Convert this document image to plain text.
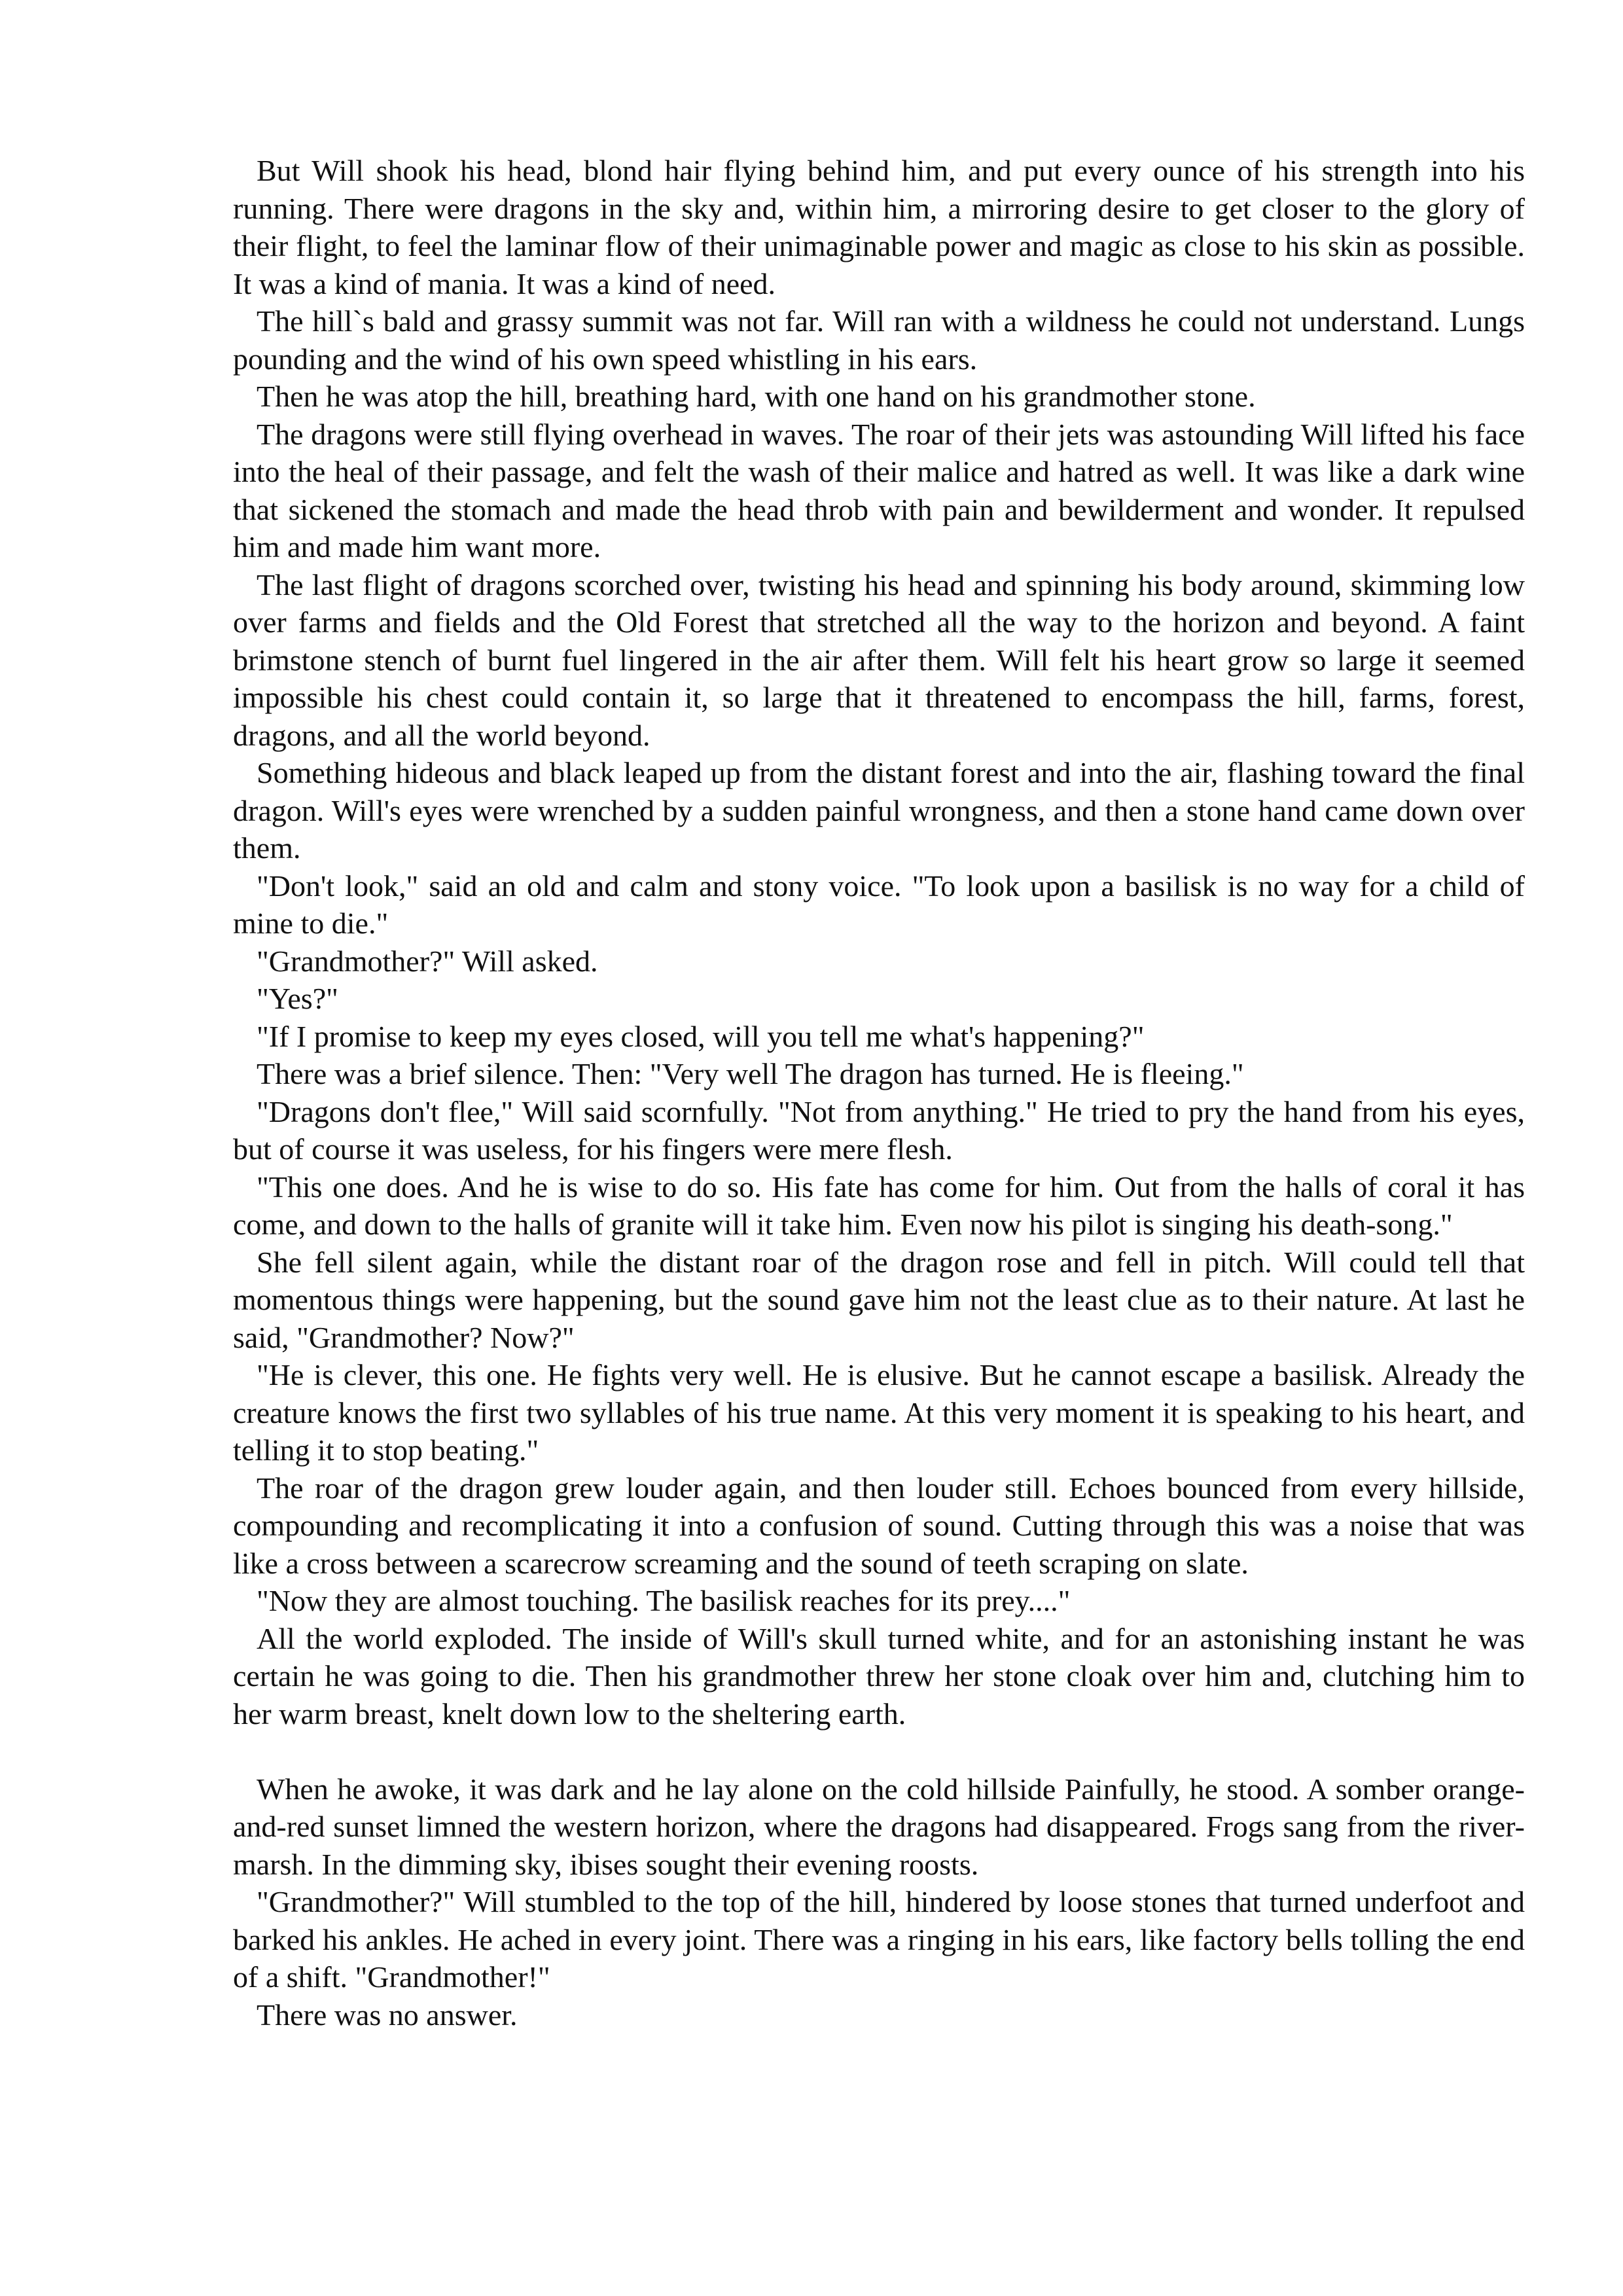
But Will shook his head, blond hair flying behind him, and put every ounce of his strength into his running. There were dragons in the sky and, within him, a mirroring desire to get closer to the glory of their flight, to feel the laminar flow of their unimaginable power and magic as close to his skin as possible. It was a kind of mania. It was a kind of need.

The hill`s bald and grassy summit was not far. Will ran with a wildness he could not understand. Lungs pounding and the wind of his own speed whistling in his ears.

Then he was atop the hill, breathing hard, with one hand on his grandmother stone.

The dragons were still flying overhead in waves. The roar of their jets was astounding Will lifted his face into the heal of their passage, and felt the wash of their malice and hatred as well. It was like a dark wine that sickened the stomach and made the head throb with pain and bewilderment and wonder. It repulsed him and made him want more.

The last flight of dragons scorched over, twisting his head and spinning his body around, skimming low over farms and fields and the Old Forest that stretched all the way to the horizon and beyond. A faint brimstone stench of burnt fuel lingered in the air after them. Will felt his heart grow so large it seemed impossible his chest could contain it, so large that it threatened to encompass the hill, farms, forest, dragons, and all the world beyond.

Something hideous and black leaped up from the distant forest and into the air, flashing toward the final dragon. Will's eyes were wrenched by a sudden painful wrongness, and then a stone hand came down over them.

"Don't look," said an old and calm and stony voice. "To look upon a basilisk is no way for a child of mine to die."

"Grandmother?" Will asked.

"Yes?"

"If I promise to keep my eyes closed, will you tell me what's happening?"

There was a brief silence. Then: "Very well The dragon has turned. He is fleeing."

"Dragons don't flee," Will said scornfully. "Not from anything." He tried to pry the hand from his eyes, but of course it was useless, for his fingers were mere flesh.

"This one does. And he is wise to do so. His fate has come for him. Out from the halls of coral it has come, and down to the halls of granite will it take him. Even now his pilot is singing his death-song."

She fell silent again, while the distant roar of the dragon rose and fell in pitch. Will could tell that momentous things were happening, but the sound gave him not the least clue as to their nature. At last he said, "Grandmother? Now?"

"He is clever, this one. He fights very well. He is elusive. But he cannot escape a basilisk. Already the creature knows the first two syllables of his true name. At this very moment it is speaking to his heart, and telling it to stop beating."

The roar of the dragon grew louder again, and then louder still. Echoes bounced from every hillside, compounding and recomplicating it into a confusion of sound. Cutting through this was a noise that was like a cross between a scarecrow screaming and the sound of teeth scraping on slate.

"Now they are almost touching. The basilisk reaches for its prey...."

All the world exploded. The inside of Will's skull turned white, and for an astonishing instant he was certain he was going to die. Then his grandmother threw her stone cloak over him and, clutching him to her warm breast, knelt down low to the sheltering earth.

When he awoke, it was dark and he lay alone on the cold hillside Painfully, he stood. A somber orange-and-red sunset limned the western horizon, where the dragons had disappeared. Frogs sang from the river-marsh. In the dimming sky, ibises sought their evening roosts.

"Grandmother?" Will stumbled to the top of the hill, hindered by loose stones that turned underfoot and barked his ankles. He ached in every joint. There was a ringing in his ears, like factory bells tolling the end of a shift. "Grandmother!"

There was no answer.
